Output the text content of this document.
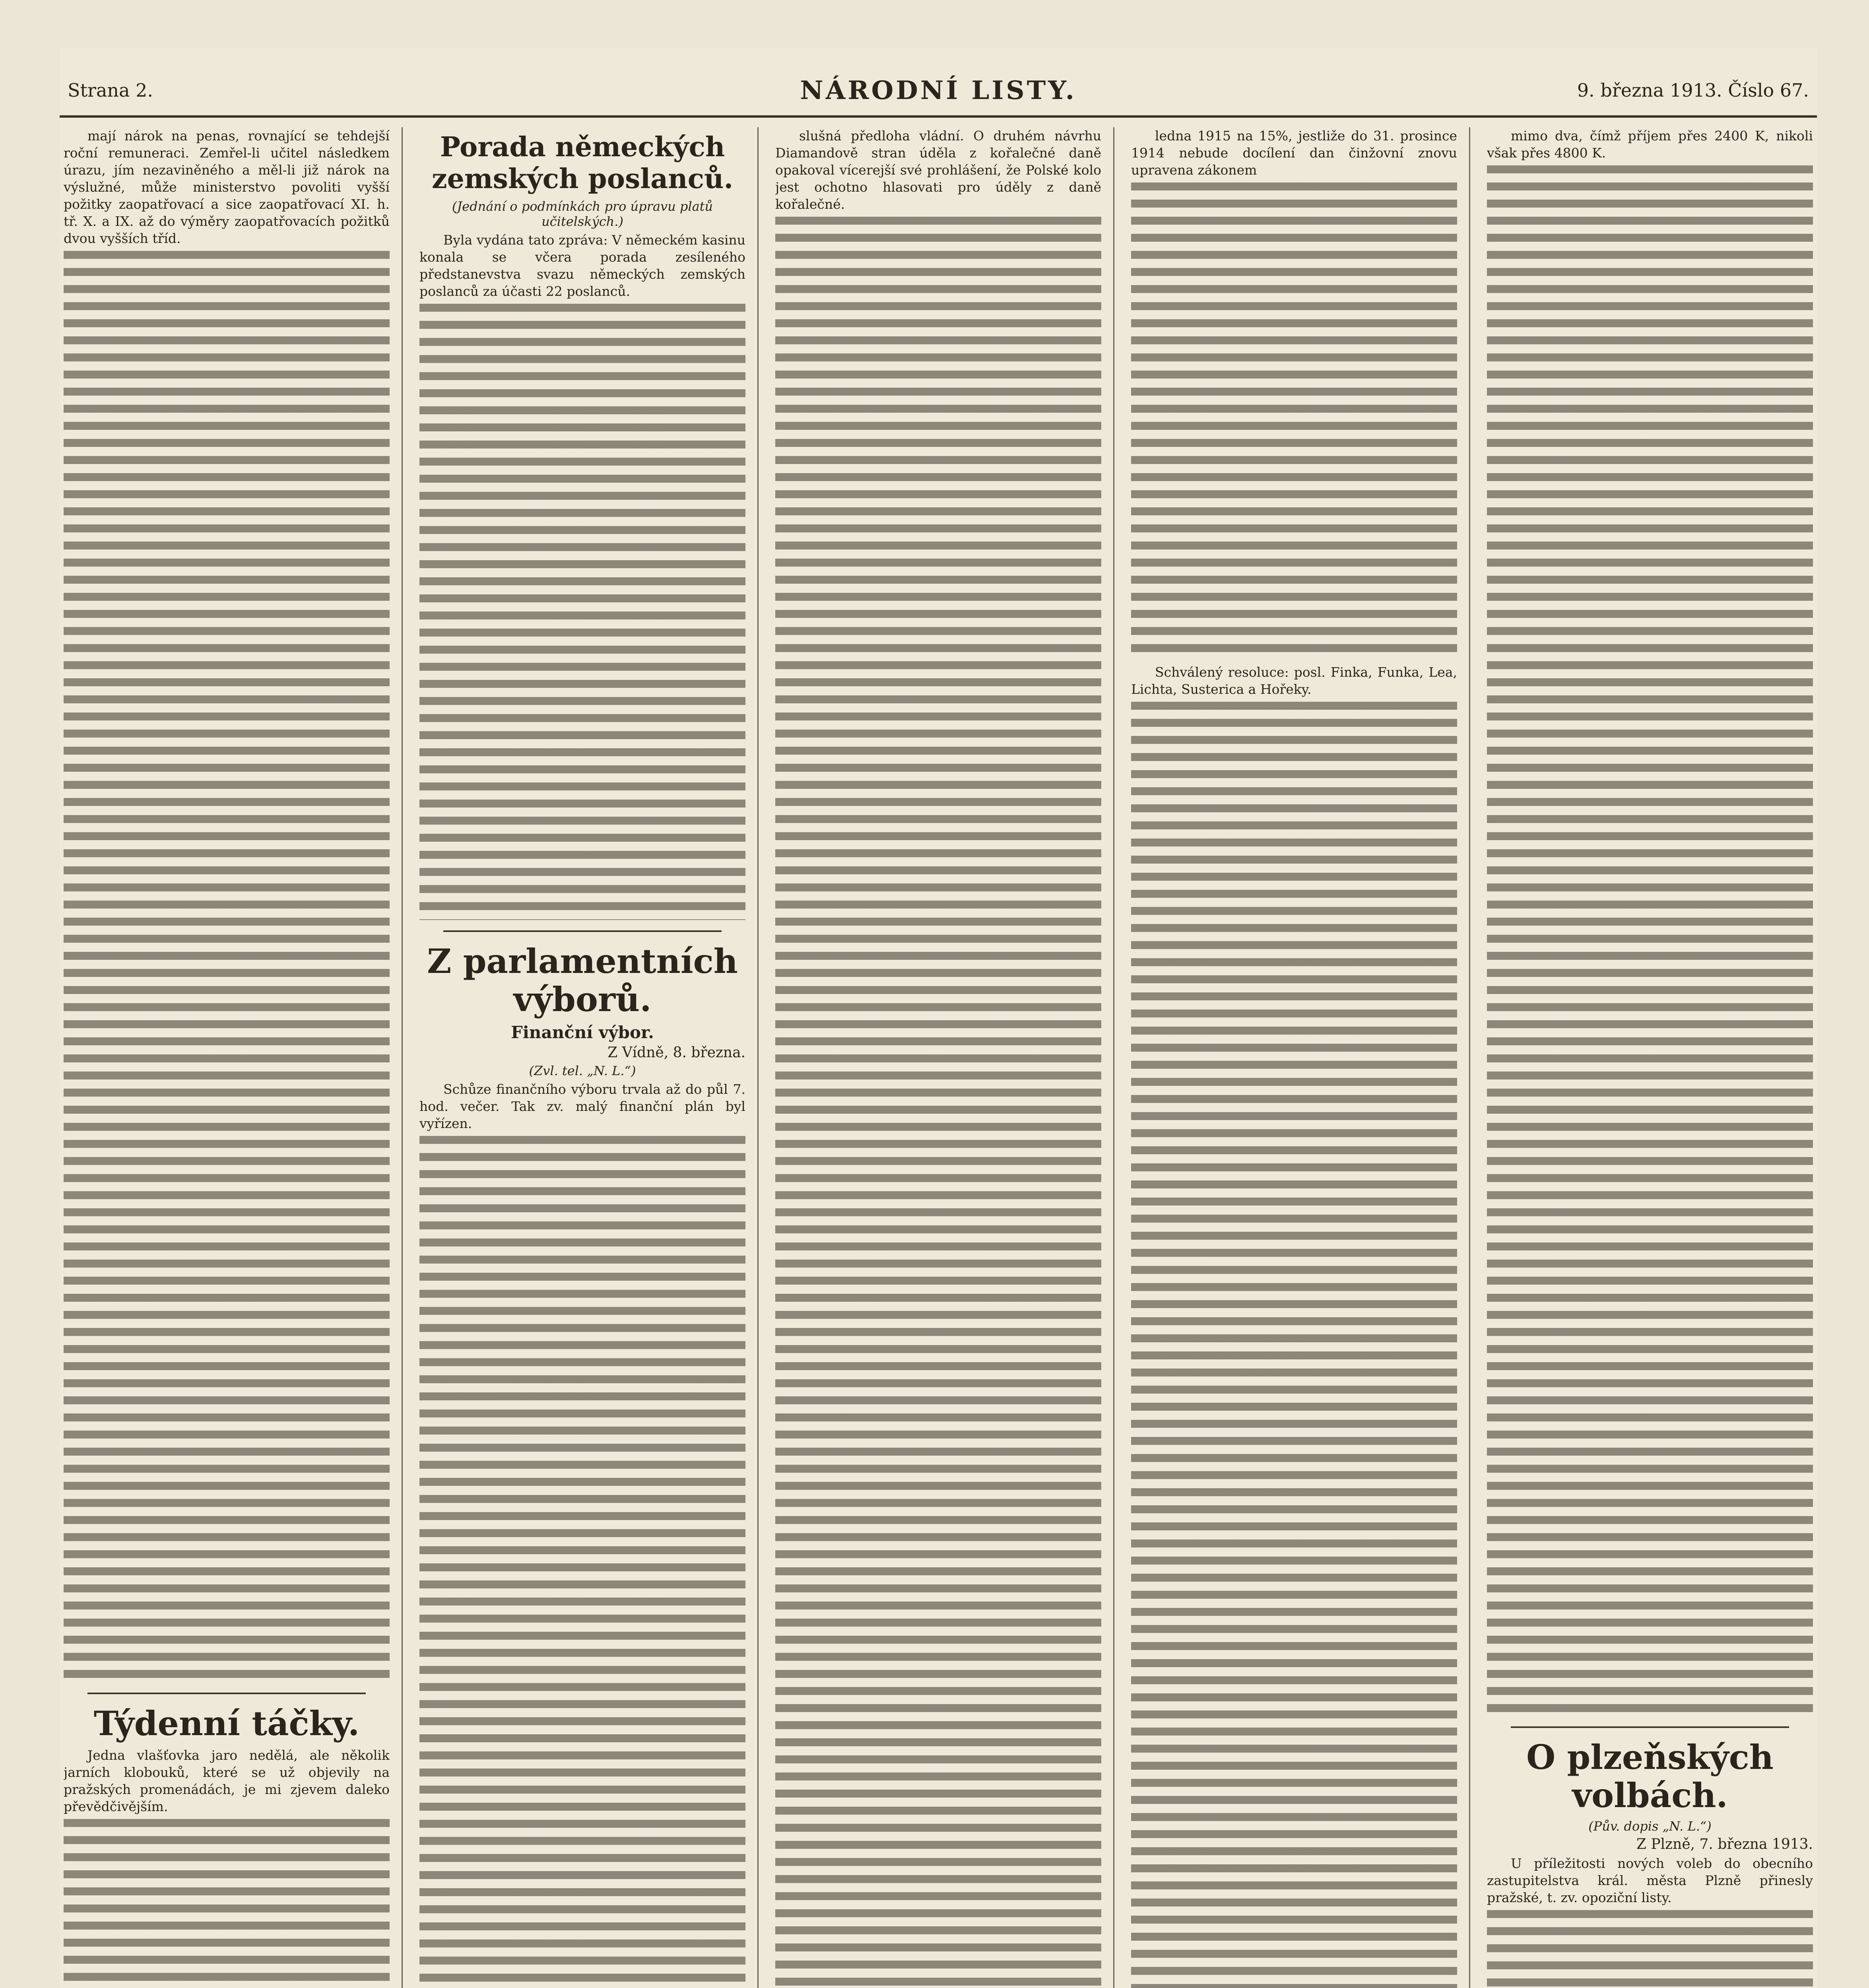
Strana 2.	NÁRODNÍ LISTY.	9. března 1913. Číslo 67.

mají nárok na penas, rovnající se tehdejší roční remuneraci. Zemřel-li učitel následkem úrazu, jím nezaviněného a měl-li již nárok na výslužné, může ministerstvo povoliti vyšší požitky zaopatřovací a sice zaopatřovací XI. h. tř. X. a IX. až do výměry zaopatřovacích požitků dvou vyšších tříd.

Týdenní táčky.

Jedna vlašťovka jaro nedělá, ale několik jarních klobouků, které se už objevily na pražských promenádách, je mi zjevem daleko převědčivějším.

Porada německých zemských poslanců.
(Jednání o podmínkách pro úpravu platů učitelských.)

Byla vydána tato zpráva: V německém kasinu konala se včera porada zesíleného předstanevstva svazu německých zemských poslanců za účasti 22 poslanců.

Z parlamentních výborů.
Finanční výbor.
Z Vídně, 8. března.
(Zvl. tel. „N. L.“)

Schůze finančního výboru trvala až do půl 7. hod. večer. Tak zv. malý finanční plán byl vyřízen.

slušná předloha vládní. O druhém návrhu Diamandově stran úděla z kořalečné daně opakoval vícerejší své prohlášení, že Polské kolo jest ochotno hlasovati pro úděly z daně kořalečné.

ledna 1915 na 15%, jestliže do 31. prosince 1914 nebude docílení dan činžovní znovu upravena zákonem

Schválený resoluce: posl. Finka, Funka, Lea, Lichta, Susterica a Hořeky.

mimo dva, čímž příjem přes 2400 K, nikoli však přes 4800 K.

O plzeňských volbách.
(Pův. dopis „N. L.“)
Z Plzně, 7. března 1913.

U příležitosti nových voleb do obecního zastupitelstva král. města Plzně přinesly pražské, t. zv. opoziční listy.
